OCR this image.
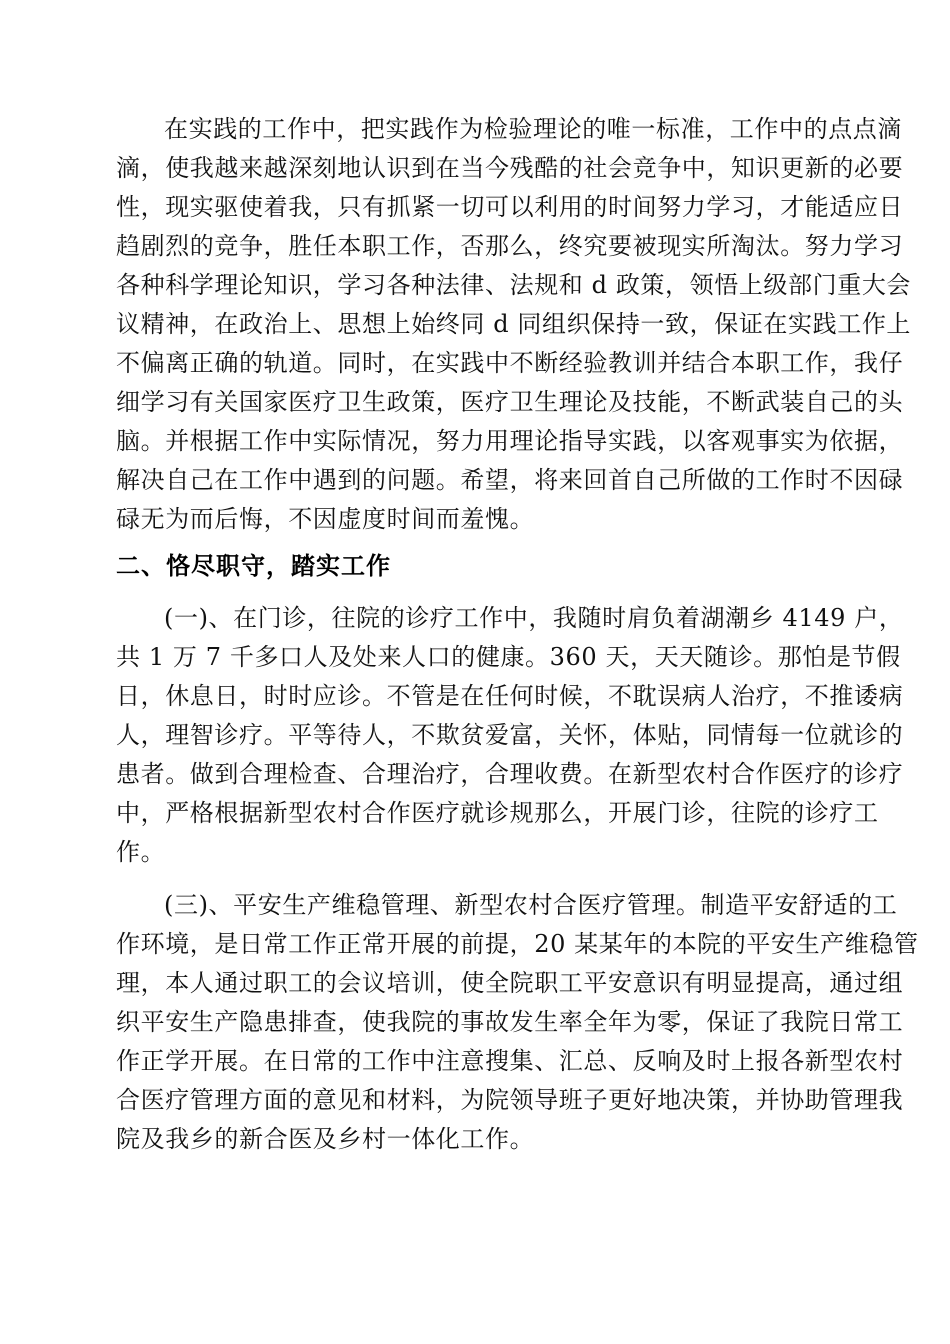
在实践的工作中，把实践作为检验理论的唯一标准，工作中的点点滴
滴，使我越来越深刻地认识到在当今残酷的社会竞争中，知识更新的必要
性，现实驱使着我，只有抓紧一切可以利用的时间努力学习，才能适应日
趋剧烈的竞争，胜任本职工作，否那么，终究要被现实所淘汰。努力学习
各种科学理论知识，学习各种法律、法规和 d 政策，领悟上级部门重大会
议精神，在政治上、思想上始终同 d 同组织保持一致，保证在实践工作上
不偏离正确的轨道。同时，在实践中不断经验教训并结合本职工作，我仔
细学习有关国家医疗卫生政策，医疗卫生理论及技能，不断武装自己的头
脑。并根据工作中实际情况，努力用理论指导实践，以客观事实为依据，
解决自己在工作中遇到的问题。希望，将来回首自己所做的工作时不因碌
碌无为而后悔，不因虚度时间而羞愧。
二、恪尽职守，踏实工作
(一)、在门诊，往院的诊疗工作中，我随时肩负着湖潮乡 4149 户，
共 1 万 7 千多口人及处来人口的健康。360 天，天天随诊。那怕是节假
日，休息日，时时应诊。不管是在任何时候，不耽误病人治疗，不推诿病
人，理智诊疗。平等待人，不欺贫爱富，关怀，体贴，同情每一位就诊的
患者。做到合理检查、合理治疗，合理收费。在新型农村合作医疗的诊疗
中，严格根据新型农村合作医疗就诊规那么，开展门诊，往院的诊疗工
作。
(三)、平安生产维稳管理、新型农村合医疗管理。制造平安舒适的工
作环境，是日常工作正常开展的前提，20 某某年的本院的平安生产维稳管
理，本人通过职工的会议培训，使全院职工平安意识有明显提高，通过组
织平安生产隐患排查，使我院的事故发生率全年为零，保证了我院日常工
作正学开展。在日常的工作中注意搜集、汇总、反响及时上报各新型农村
合医疗管理方面的意见和材料，为院领导班子更好地决策，并协助管理我
院及我乡的新合医及乡村一体化工作。
